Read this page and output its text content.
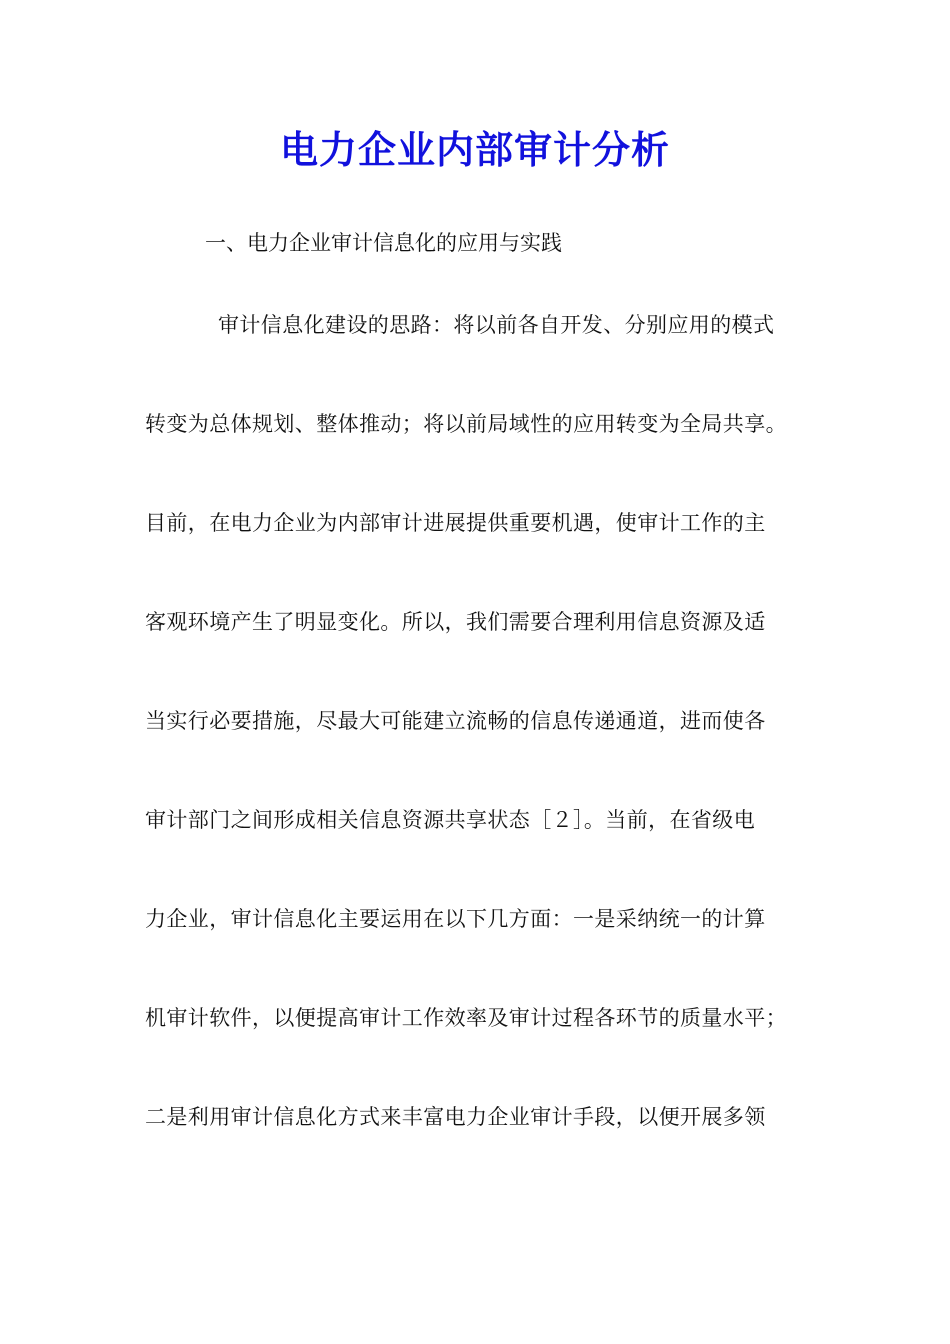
电力企业内部审计分析
一、电力企业审计信息化的应用与实践
审计信息化建设的思路：将以前各自开发、分别应用的模式
转变为总体规划、整体推动；将以前局域性的应用转变为全局共享。
目前，在电力企业为内部审计进展提供重要机遇，使审计工作的主
客观环境产生了明显变化。所以，我们需要合理利用信息资源及适
当实行必要措施，尽最大可能建立流畅的信息传递通道，进而使各
审计部门之间形成相关信息资源共享状态［２］。当前，在省级电
力企业，审计信息化主要运用在以下几方面：一是采纳统一的计算
机审计软件，以便提高审计工作效率及审计过程各环节的质量水平；
二是利用审计信息化方式来丰富电力企业审计手段，以便开展多领
